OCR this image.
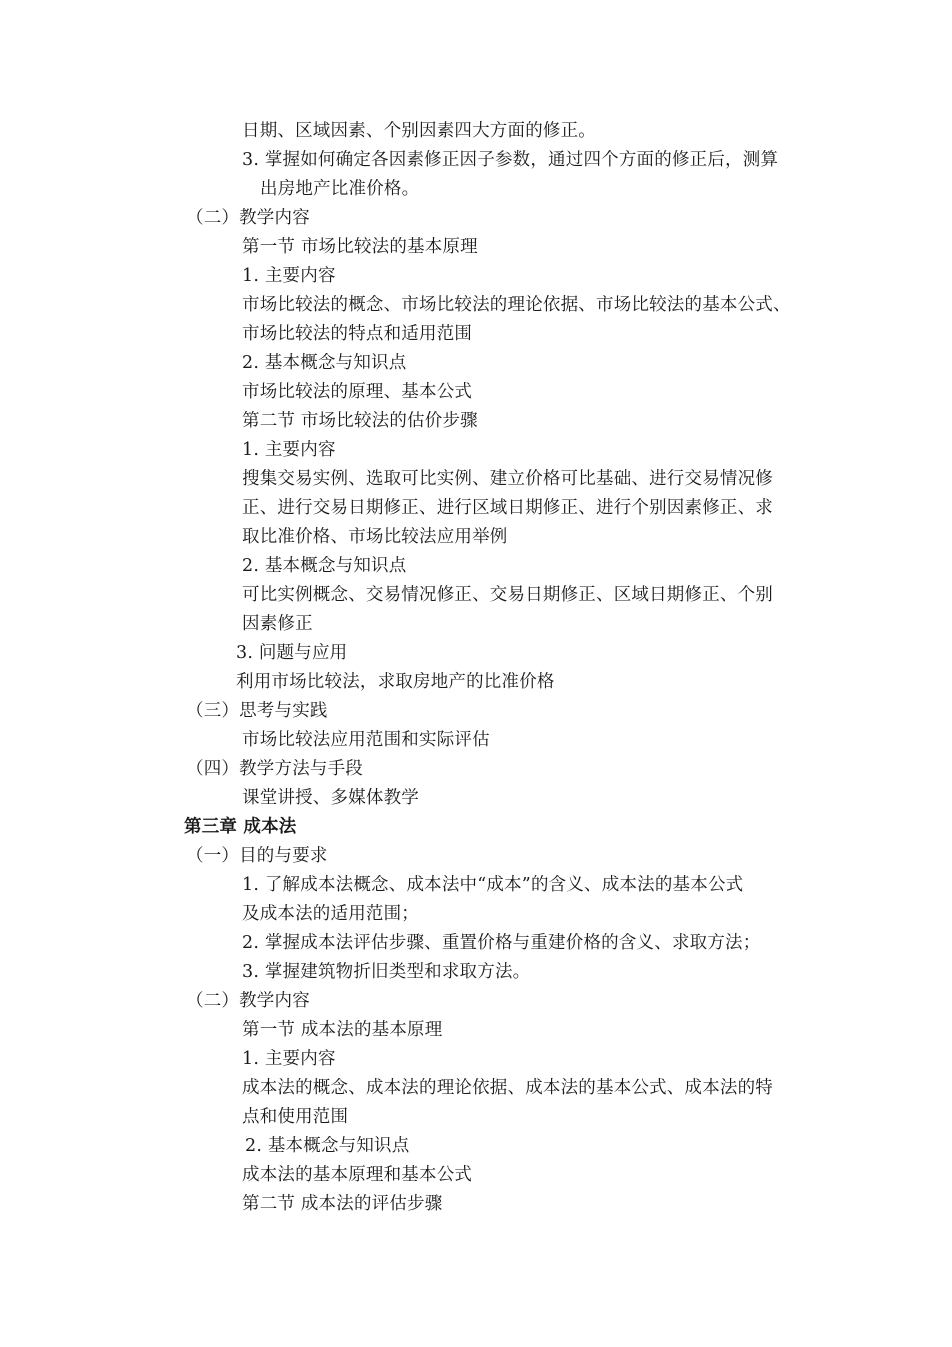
日期、区域因素、个别因素四大方面的修正。
3. 掌握如何确定各因素修正因子参数，通过四个方面的修正后，测算
出房地产比准价格。
（二）教学内容
第一节 市场比较法的基本原理
1. 主要内容
市场比较法的概念、市场比较法的理论依据、市场比较法的基本公式、
市场比较法的特点和适用范围
2. 基本概念与知识点
市场比较法的原理、基本公式
第二节 市场比较法的估价步骤
1. 主要内容
搜集交易实例、选取可比实例、建立价格可比基础、进行交易情况修
正、进行交易日期修正、进行区域日期修正、进行个别因素修正、求
取比准价格、市场比较法应用举例
2. 基本概念与知识点
可比实例概念、交易情况修正、交易日期修正、区域日期修正、个别
因素修正
3. 问题与应用
利用市场比较法，求取房地产的比准价格
（三）思考与实践
市场比较法应用范围和实际评估
（四）教学方法与手段
课堂讲授、多媒体教学
第三章 成本法
（一）目的与要求
1. 了解成本法概念、成本法中“成本”的含义、成本法的基本公式
及成本法的适用范围；
2. 掌握成本法评估步骤、重置价格与重建价格的含义、求取方法；
3. 掌握建筑物折旧类型和求取方法。
（二）教学内容
第一节 成本法的基本原理
1. 主要内容
成本法的概念、成本法的理论依据、成本法的基本公式、成本法的特
点和使用范围
2. 基本概念与知识点
成本法的基本原理和基本公式
第二节 成本法的评估步骤
